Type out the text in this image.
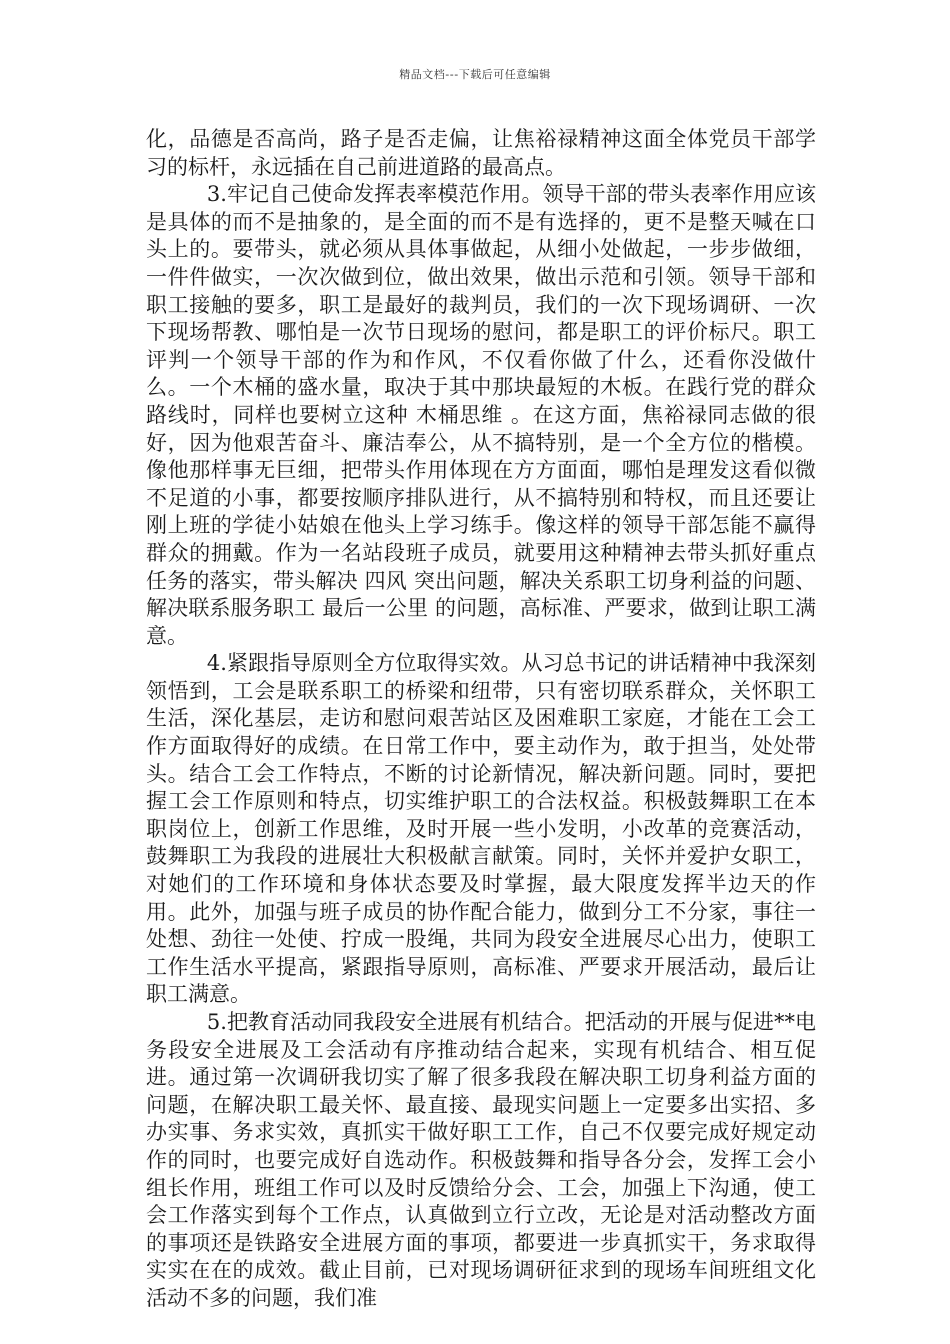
精品文档---下载后可任意编辑

化，品德是否高尚，路子是否走偏，让焦裕禄精神这面全体党员干部学习的标杆，永远插在自己前进道路的最高点。

3.牢记自己使命发挥表率模范作用。领导干部的带头表率作用应该是具体的而不是抽象的，是全面的而不是有选择的，更不是整天喊在口头上的。要带头，就必须从具体事做起，从细小处做起，一步步做细，一件件做实，一次次做到位，做出效果，做出示范和引领。领导干部和职工接触的要多，职工是最好的裁判员，我们的一次下现场调研、一次下现场帮教、哪怕是一次节日现场的慰问，都是职工的评价标尺。职工评判一个领导干部的作为和作风，不仅看你做了什么，还看你没做什么。一个木桶的盛水量，取决于其中那块最短的木板。在践行党的群众路线时，同样也要树立这种 木桶思维 。在这方面，焦裕禄同志做的很好，因为他艰苦奋斗、廉洁奉公，从不搞特别，是一个全方位的楷模。像他那样事无巨细，把带头作用体现在方方面面，哪怕是理发这看似微不足道的小事，都要按顺序排队进行，从不搞特别和特权，而且还要让刚上班的学徒小姑娘在他头上学习练手。像这样的领导干部怎能不赢得群众的拥戴。作为一名站段班子成员，就要用这种精神去带头抓好重点任务的落实，带头解决 四风 突出问题，解决关系职工切身利益的问题、解决联系服务职工 最后一公里 的问题，高标准、严要求，做到让职工满意。

4.紧跟指导原则全方位取得实效。从习总书记的讲话精神中我深刻领悟到，工会是联系职工的桥梁和纽带，只有密切联系群众，关怀职工生活，深化基层，走访和慰问艰苦站区及困难职工家庭，才能在工会工作方面取得好的成绩。在日常工作中，要主动作为，敢于担当，处处带头。结合工会工作特点，不断的讨论新情况，解决新问题。同时，要把握工会工作原则和特点，切实维护职工的合法权益。积极鼓舞职工在本职岗位上，创新工作思维，及时开展一些小发明，小改革的竞赛活动，鼓舞职工为我段的进展壮大积极献言献策。同时，关怀并爱护女职工，对她们的工作环境和身体状态要及时掌握，最大限度发挥半边天的作用。此外，加强与班子成员的协作配合能力，做到分工不分家，事往一处想、劲往一处使、拧成一股绳，共同为段安全进展尽心出力，使职工工作生活水平提高，紧跟指导原则，高标准、严要求开展活动，最后让职工满意。

5.把教育活动同我段安全进展有机结合。把活动的开展与促进**电务段安全进展及工会活动有序推动结合起来，实现有机结合、相互促进。通过第一次调研我切实了解了很多我段在解决职工切身利益方面的问题，在解决职工最关怀、最直接、最现实问题上一定要多出实招、多办实事、务求实效，真抓实干做好职工工作，自己不仅要完成好规定动作的同时，也要完成好自选动作。积极鼓舞和指导各分会，发挥工会小组长作用，班组工作可以及时反馈给分会、工会，加强上下沟通，使工会工作落实到每个工作点，认真做到立行立改，无论是对活动整改方面的事项还是铁路安全进展方面的事项，都要进一步真抓实干，务求取得实实在在的成效。截止目前，已对现场调研征求到的现场车间班组文化活动不多的问题，我们准
